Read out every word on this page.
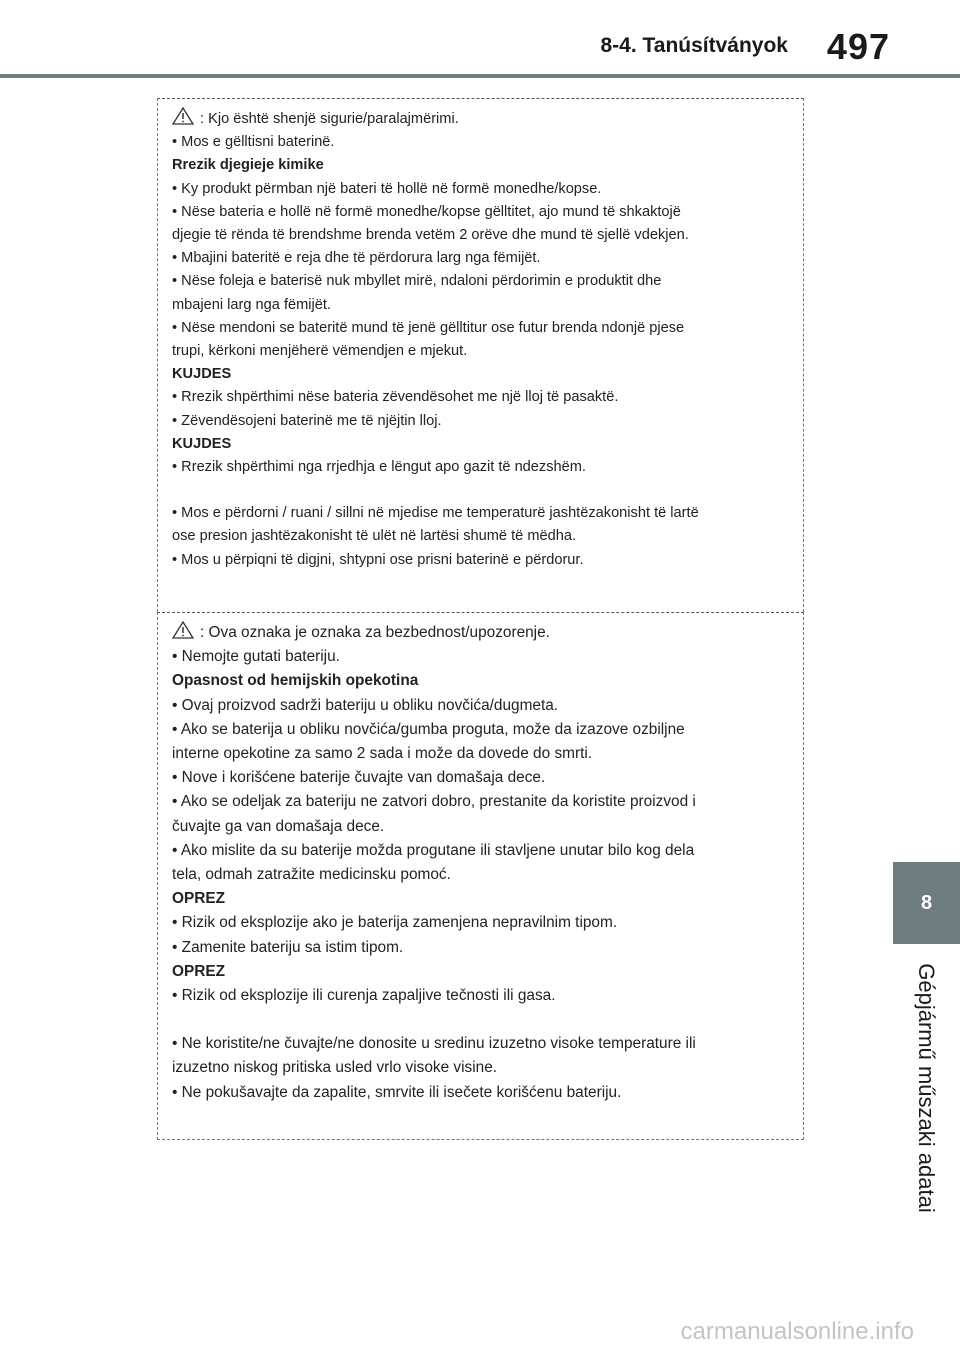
8-4. Tanúsítványok 497
8
Gépjármű műszaki adatai
: Kjo është shenjë sigurie/paralajmërimi.
• Mos e gëlltisni baterinë.
Rrezik djegieje kimike
• Ky produkt përmban një bateri të hollë në formë monedhe/kopse.
• Nëse bateria e hollë në formë monedhe/kopse gëlltitet, ajo mund të shkaktojë
djegie të rënda të brendshme brenda vetëm 2 orëve dhe mund të sjellë vdekjen.
• Mbajini bateritë e reja dhe të përdorura larg nga fëmijët.
• Nëse foleja e baterisë nuk mbyllet mirë, ndaloni përdorimin e produktit dhe
mbajeni larg nga fëmijët.
• Nëse mendoni se bateritë mund të jenë gëlltitur ose futur brenda ndonjë pjese
trupi, kërkoni menjëherë vëmendjen e mjekut.
KUJDES
• Rrezik shpërthimi nëse bateria zëvendësohet me një lloj të pasaktë.
• Zëvendësojeni baterinë me të njëjtin lloj.
KUJDES
• Rrezik shpërthimi nga rrjedhja e lëngut apo gazit të ndezshëm.
• Mos e përdorni / ruani / sillni në mjedise me temperaturë jashtëzakonisht të lartë
ose presion jashtëzakonisht të ulët në lartësi shumë të mëdha.
• Mos u përpiqni të digjni, shtypni ose prisni baterinë e përdorur.
: Ova oznaka je oznaka za bezbednost/upozorenje.
• Nemojte gutati bateriju.
Opasnost od hemijskih opekotina
• Ovaj proizvod sadrži bateriju u obliku novčića/dugmeta.
• Ako se baterija u obliku novčića/gumba proguta, može da izazove ozbiljne
interne opekotine za samo 2 sada i može da dovede do smrti.
• Nove i korišćene baterije čuvajte van domašaja dece.
• Ako se odeljak za bateriju ne zatvori dobro, prestanite da koristite proizvod i
čuvajte ga van domašaja dece.
• Ako mislite da su baterije možda progutane ili stavljene unutar bilo kog dela
tela, odmah zatražite medicinsku pomoć.
OPREZ
• Rizik od eksplozije ako je baterija zamenjena nepravilnim tipom.
• Zamenite bateriju sa istim tipom.
OPREZ
• Rizik od eksplozije ili curenja zapaljive tečnosti ili gasa.
• Ne koristite/ne čuvajte/ne donosite u sredinu izuzetno visoke temperature ili
izuzetno niskog pritiska usled vrlo visoke visine.
• Ne pokušavajte da zapalite, smrvite ili isečete korišćenu bateriju.
carmanualsonline.info
